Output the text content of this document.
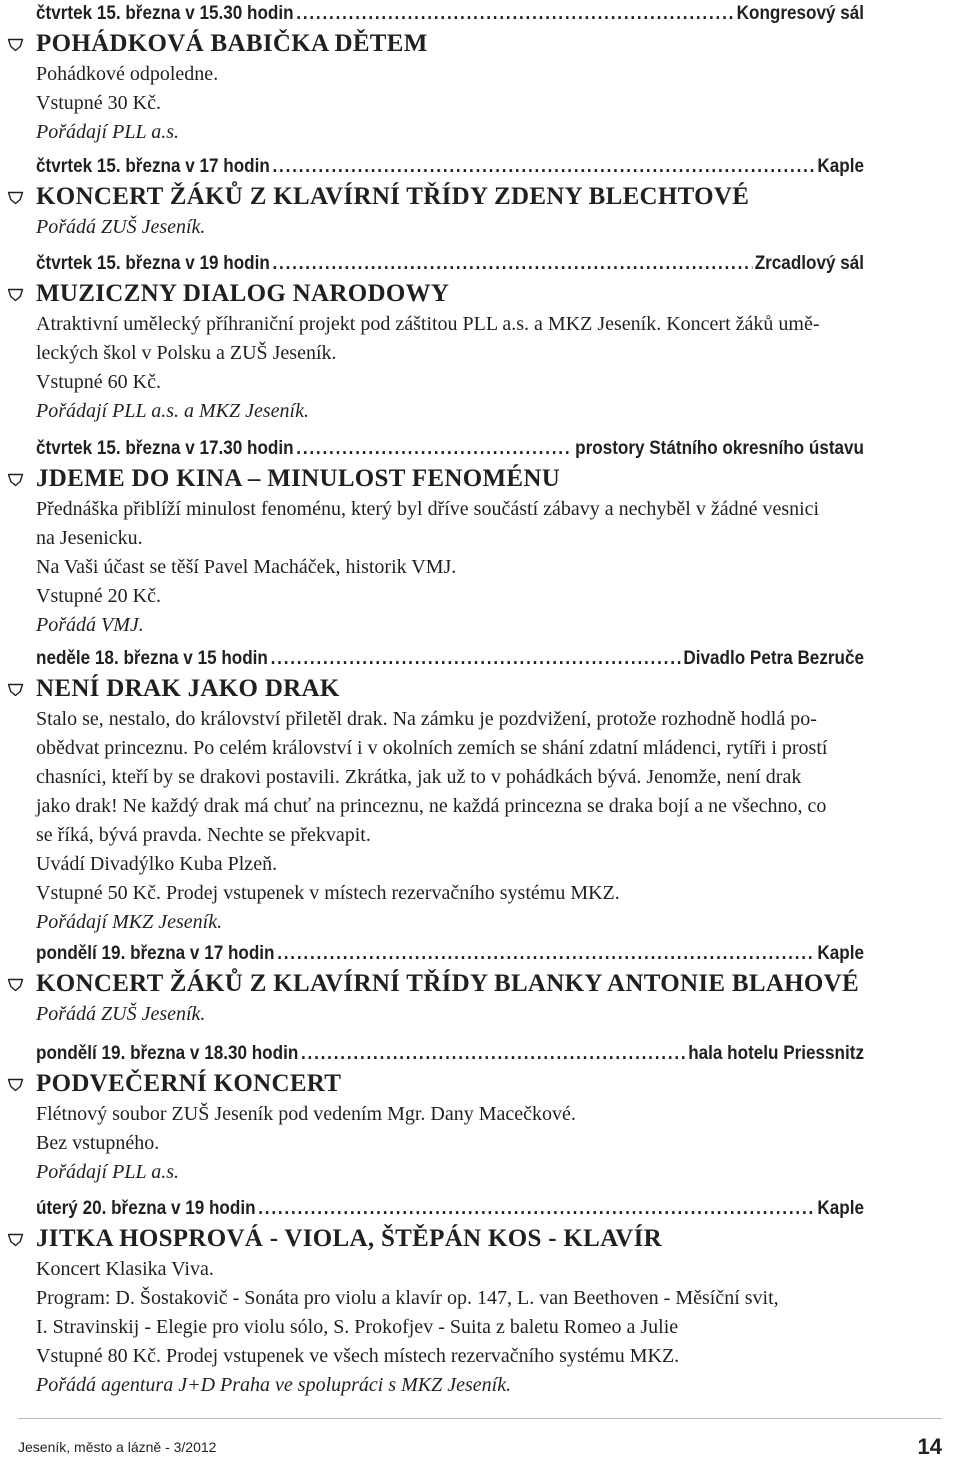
čtvrtek 15. března v 15.30 hodin .....	Kongresový sál
POHÁDKOVÁ BABIČKA DĚTEM
Pohádkové odpoledne.
Vstupné 30 Kč.
Pořádají PLL a.s.
čtvrtek 15. března v 17 hodin .....	Kaple
KONCERT ŽÁKŮ Z KLAVÍRNÍ TŘÍDY ZDENY BLECHTOVÉ
Pořádá ZUŠ Jeseník.
čtvrtek 15. března v 19 hodin .....	Zrcadlový sál
MUZICZNY DIALOG NARODOWY
Atraktivní umělecký příhraniční projekt pod záštitou PLL a.s. a MKZ Jeseník. Koncert žáků umě-
leckých škol v Polsku a ZUŠ Jeseník.
Vstupné 60 Kč.
Pořádají PLL a.s. a MKZ Jeseník.
čtvrtek 15. března v 17.30 hodin .....	prostory Státního okresního ústavu
JDEME DO KINA – MINULOST FENOMÉNU
Přednáška přiblíží minulost fenoménu, který byl dříve součástí zábavy a nechyběl v žádné vesnici
na Jesenicku.
Na Vaši účast se těší Pavel Macháček, historik VMJ.
Vstupné 20 Kč.
Pořádá VMJ.
neděle 18. března v 15 hodin .....	Divadlo Petra Bezruče
NENÍ DRAK JAKO DRAK
Stalo se, nestalo, do království přiletěl drak. Na zámku je pozdvižení, protože rozhodně hodlá po-
obědvat princeznu. Po celém království i v okolních zemích se shání zdatní mládenci, rytíři i prostí
chasníci, kteří by se drakovi postavili. Zkrátka, jak už to v pohádkách bývá. Jenomže, není drak
jako drak! Ne každý drak má chuť na princeznu, ne každá princezna se draka bojí a ne všechno, co
se říká, bývá pravda. Nechte se překvapit.
Uvádí Divadýlko Kuba Plzeň.
Vstupné 50 Kč. Prodej vstupenek v místech rezervačního systému MKZ.
Pořádají MKZ Jeseník.
pondělí 19. března v 17 hodin .....	Kaple
KONCERT ŽÁKŮ Z KLAVÍRNÍ TŘÍDY BLANKY ANTONIE BLAHOVÉ
Pořádá ZUŠ Jeseník.
pondělí 19. března v 18.30 hodin .....	hala hotelu Priessnitz
PODVEČERNÍ KONCERT
Flétnový soubor ZUŠ Jeseník pod vedením Mgr. Dany Macečkové.
Bez vstupného.
Pořádají PLL a.s.
úterý 20. března v 19 hodin .....	Kaple
JITKA HOSPROVÁ - VIOLA, ŠTĚPÁN KOS - KLAVÍR
Koncert Klasika Viva.
Program: D. Šostakovič - Sonáta pro violu a klavír op. 147, L. van Beethoven - Měsíční svit,
I. Stravinskij - Elegie pro violu sólo, S. Prokofjev - Suita z baletu Romeo a Julie
Vstupné 80 Kč. Prodej vstupenek ve všech místech rezervačního systému MKZ.
Pořádá agentura J+D Praha ve spolupráci s MKZ Jeseník.
Jeseník, město a lázně - 3/2012	14
